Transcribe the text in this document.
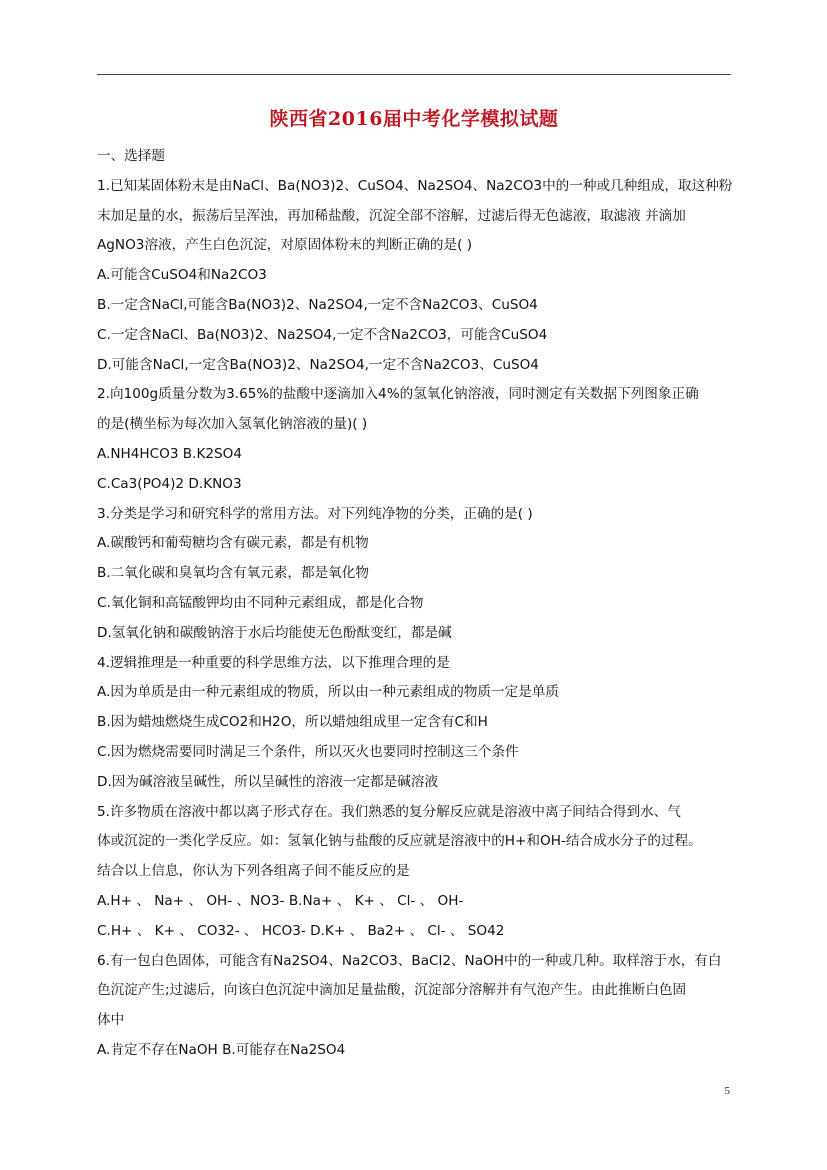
陕西省2016届中考化学模拟试题
一、选择题
1.已知某固体粉末是由NaCl、Ba(NO3)2、CuSO4、Na2SO4、Na2CO3中的一种或几种组成，取这种粉
末加足量的水，振荡后呈浑浊，再加稀盐酸，沉淀全部不溶解，过滤后得无色滤液，取滤液 并滴加
AgNO3溶液，产生白色沉淀，对原固体粉末的判断正确的是( )
A.可能含CuSO4和Na2CO3
B.一定含NaCl,可能含Ba(NO3)2、Na2SO4,一定不含Na2CO3、CuSO4
C.一定含NaCl、Ba(NO3)2、Na2SO4,一定不含Na2CO3，可能含CuSO4
D.可能含NaCl,一定含Ba(NO3)2、Na2SO4,一定不含Na2CO3、CuSO4
2.向100g质量分数为3.65%的盐酸中逐滴加入4%的氢氧化钠溶液，同时测定有关数据下列图象正确
的是(横坐标为每次加入氢氧化钠溶液的量)( )
A.NH4HCO3 B.K2SO4
C.Ca3(PO4)2 D.KNO3
3.分类是学习和研究科学的常用方法。对下列纯净物的分类，正确的是( )
A.碳酸钙和葡萄糖均含有碳元素，都是有机物
B.二氧化碳和臭氧均含有氧元素，都是氧化物
C.氧化铜和高锰酸钾均由不同种元素组成，都是化合物
D.氢氧化钠和碳酸钠溶于水后均能使无色酚酞变红，都是碱
4.逻辑推理是一种重要的科学思维方法，以下推理合理的是
A.因为单质是由一种元素组成的物质，所以由一种元素组成的物质一定是单质
B.因为蜡烛燃烧生成CO2和H2O，所以蜡烛组成里一定含有C和H
C.因为燃烧需要同时满足三个条件，所以灭火也要同时控制这三个条件
D.因为碱溶液呈碱性，所以呈碱性的溶液一定都是碱溶液
5.许多物质在溶液中都以离子形式存在。我们熟悉的复分解反应就是溶液中离子间结合得到水、气
体或沉淀的一类化学反应。如：氢氧化钠与盐酸的反应就是溶液中的H+和OH-结合成水分子的过程。
结合以上信息，你认为下列各组离子间不能反应的是
A.H+ 、 Na+ 、 OH- 、NO3- B.Na+ 、 K+ 、 Cl- 、 OH-
C.H+ 、 K+ 、 CO32- 、 HCO3- D.K+ 、 Ba2+ 、 Cl- 、 SO42
6.有一包白色固体，可能含有Na2SO4、Na2CO3、BaCl2、NaOH中的一种或几种。取样溶于水，有白
色沉淀产生;过滤后，向该白色沉淀中滴加足量盐酸，沉淀部分溶解并有气泡产生。由此推断白色固
体中
A.肯定不存在NaOH B.可能存在Na2SO4
5
